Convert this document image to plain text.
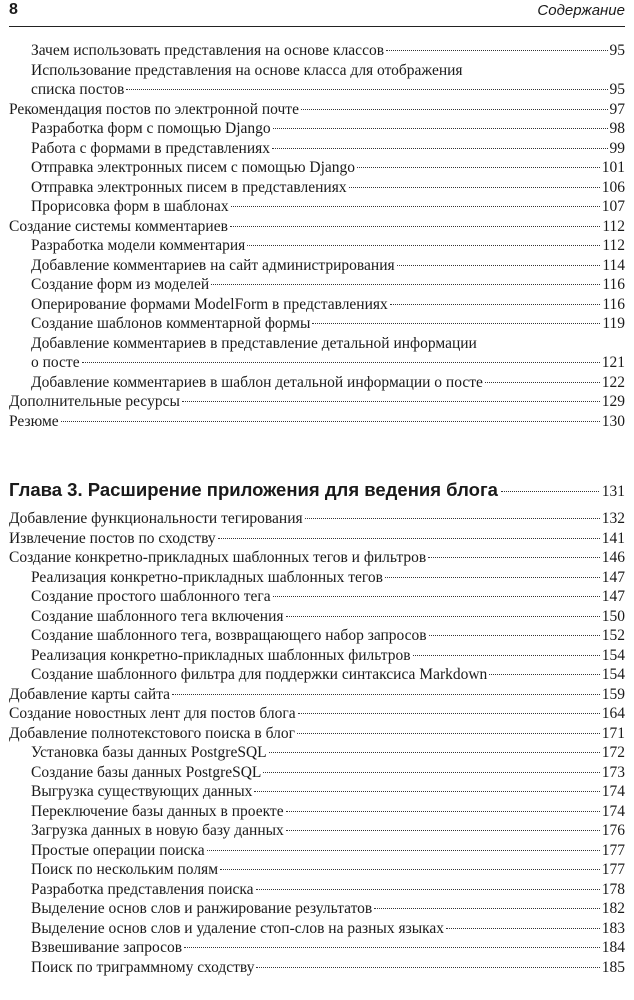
8	Содержание
Зачем использовать представления на основе классов	95
Использование представления на основе класса для отображения
списка постов	95
Рекомендация постов по электронной почте	97
Разработка форм с помощью Django	98
Работа с формами в представлениях	99
Отправка электронных писем с помощью Django	101
Отправка электронных писем в представлениях	106
Прорисовка форм в шаблонах	107
Создание системы комментариев	112
Разработка модели комментария	112
Добавление комментариев на сайт администрирования	114
Создание форм из моделей	116
Оперирование формами ModelForm в представлениях	116
Создание шаблонов комментарной формы	119
Добавление комментариев в представление детальной информации
о посте	121
Добавление комментариев в шаблон детальной информации о посте	122
Дополнительные ресурсы	129
Резюме	130
Глава 3. Расширение приложения для ведения блога	131
Добавление функциональности тегирования	132
Извлечение постов по сходству	141
Создание конкретно-прикладных шаблонных тегов и фильтров	146
Реализация конкретно-прикладных шаблонных тегов	147
Создание простого шаблонного тега	147
Создание шаблонного тега включения	150
Создание шаблонного тега, возвращающего набор запросов	152
Реализация конкретно-прикладных шаблонных фильтров	154
Создание шаблонного фильтра для поддержки синтаксиса Markdown	154
Добавление карты сайта	159
Создание новостных лент для постов блога	164
Добавление полнотекстового поиска в блог	171
Установка базы данных PostgreSQL	172
Создание базы данных PostgreSQL	173
Выгрузка существующих данных	174
Переключение базы данных в проекте	174
Загрузка данных в новую базу данных	176
Простые операции поиска	177
Поиск по нескольким полям	177
Разработка представления поиска	178
Выделение основ слов и ранжирование результатов	182
Выделение основ слов и удаление стоп-слов на разных языках	183
Взвешивание запросов	184
Поиск по триграммному сходству	185
